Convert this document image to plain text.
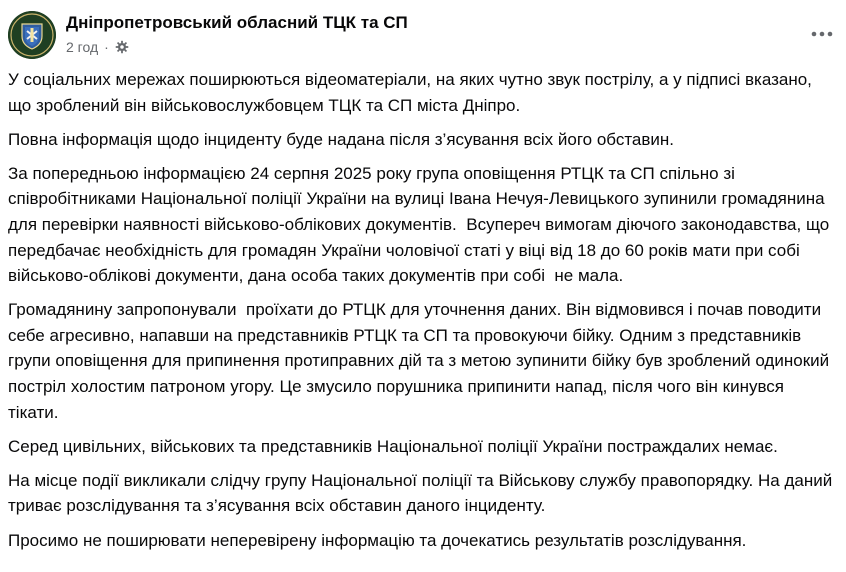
Дніпропетровський обласний ТЦК та СП
2 год ·

У соціальних мережах поширюються відеоматеріали, на яких чутно звук пострілу, а у підписі вказано, що зроблений він військовослужбовцем ТЦК та СП міста Дніпро.

Повна інформація щодо інциденту буде надана після з’ясування всіх його обставин.

За попередньою інформацією 24 серпня 2025 року група оповіщення РТЦК та СП спільно зі співробітниками Національної поліції України на вулиці Івана Нечуя-Левицького зупинили громадянина для перевірки наявності військово-облікових документів.  Всупереч вимогам діючого законодавства, що передбачає необхідність для громадян України чоловічої статі у віці від 18 до 60 років мати при собі військово-облікові документи, дана особа таких документів при собі  не мала.

Громадянину запропонували  проїхати до РТЦК для уточнення даних. Він відмовився і почав поводити себе агресивно, напавши на представників РТЦК та СП та провокуючи бійку. Одним з представників групи оповіщення для припинення протиправних дій та з метою зупинити бійку був зроблений одинокий постріл холостим патроном угору. Це змусило порушника припинити напад, після чого він кинувся тікати.

Серед цивільних, військових та представників Національної поліції України постраждалих немає.

На місце події викликали слідчу групу Національної поліції та Військову службу правопорядку. На даний триває розслідування та з’ясування всіх обставин даного інциденту.

Просимо не поширювати неперевірену інформацію та дочекатись результатів розслідування.
